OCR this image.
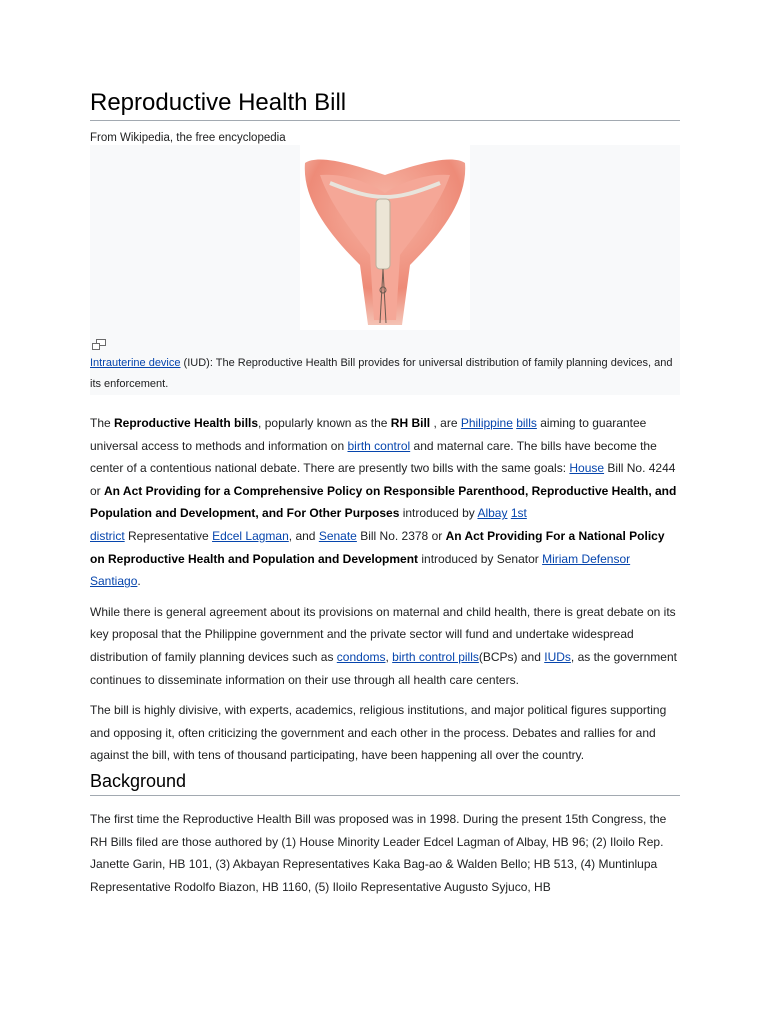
Reproductive Health Bill
From Wikipedia, the free encyclopedia
Intrauterine device (IUD): The Reproductive Health Bill provides for universal distribution of family planning devices, and its enforcement.

The Reproductive Health bills, popularly known as the RH Bill , are Philippine bills aiming to guarantee universal access to methods and information on birth control and maternal care. The bills have become the center of a contentious national debate. There are presently two bills with the same goals: House Bill No. 4244 or An Act Providing for a Comprehensive Policy on Responsible Parenthood, Reproductive Health, and Population and Development, and For Other Purposes introduced by Albay 1st
district Representative Edcel Lagman, and Senate Bill No. 2378 or An Act Providing For a National Policy on Reproductive Health and Population and Development introduced by Senator Miriam Defensor Santiago.

While there is general agreement about its provisions on maternal and child health, there is great debate on its key proposal that the Philippine government and the private sector will fund and undertake widespread distribution of family planning devices such as condoms, birth control pills(BCPs) and IUDs, as the government continues to disseminate information on their use through all health care centers.

The bill is highly divisive, with experts, academics, religious institutions, and major political figures supporting and opposing it, often criticizing the government and each other in the process. Debates and rallies for and against the bill, with tens of thousand participating, have been happening all over the country.

Background

The first time the Reproductive Health Bill was proposed was in 1998. During the present 15th Congress, the RH Bills filed are those authored by (1) House Minority Leader Edcel Lagman of Albay, HB 96; (2) Iloilo Rep. Janette Garin, HB 101, (3) Akbayan Representatives Kaka Bag-ao & Walden Bello; HB 513, (4) Muntinlupa Representative Rodolfo Biazon, HB 1160, (5) Iloilo Representative Augusto Syjuco, HB
